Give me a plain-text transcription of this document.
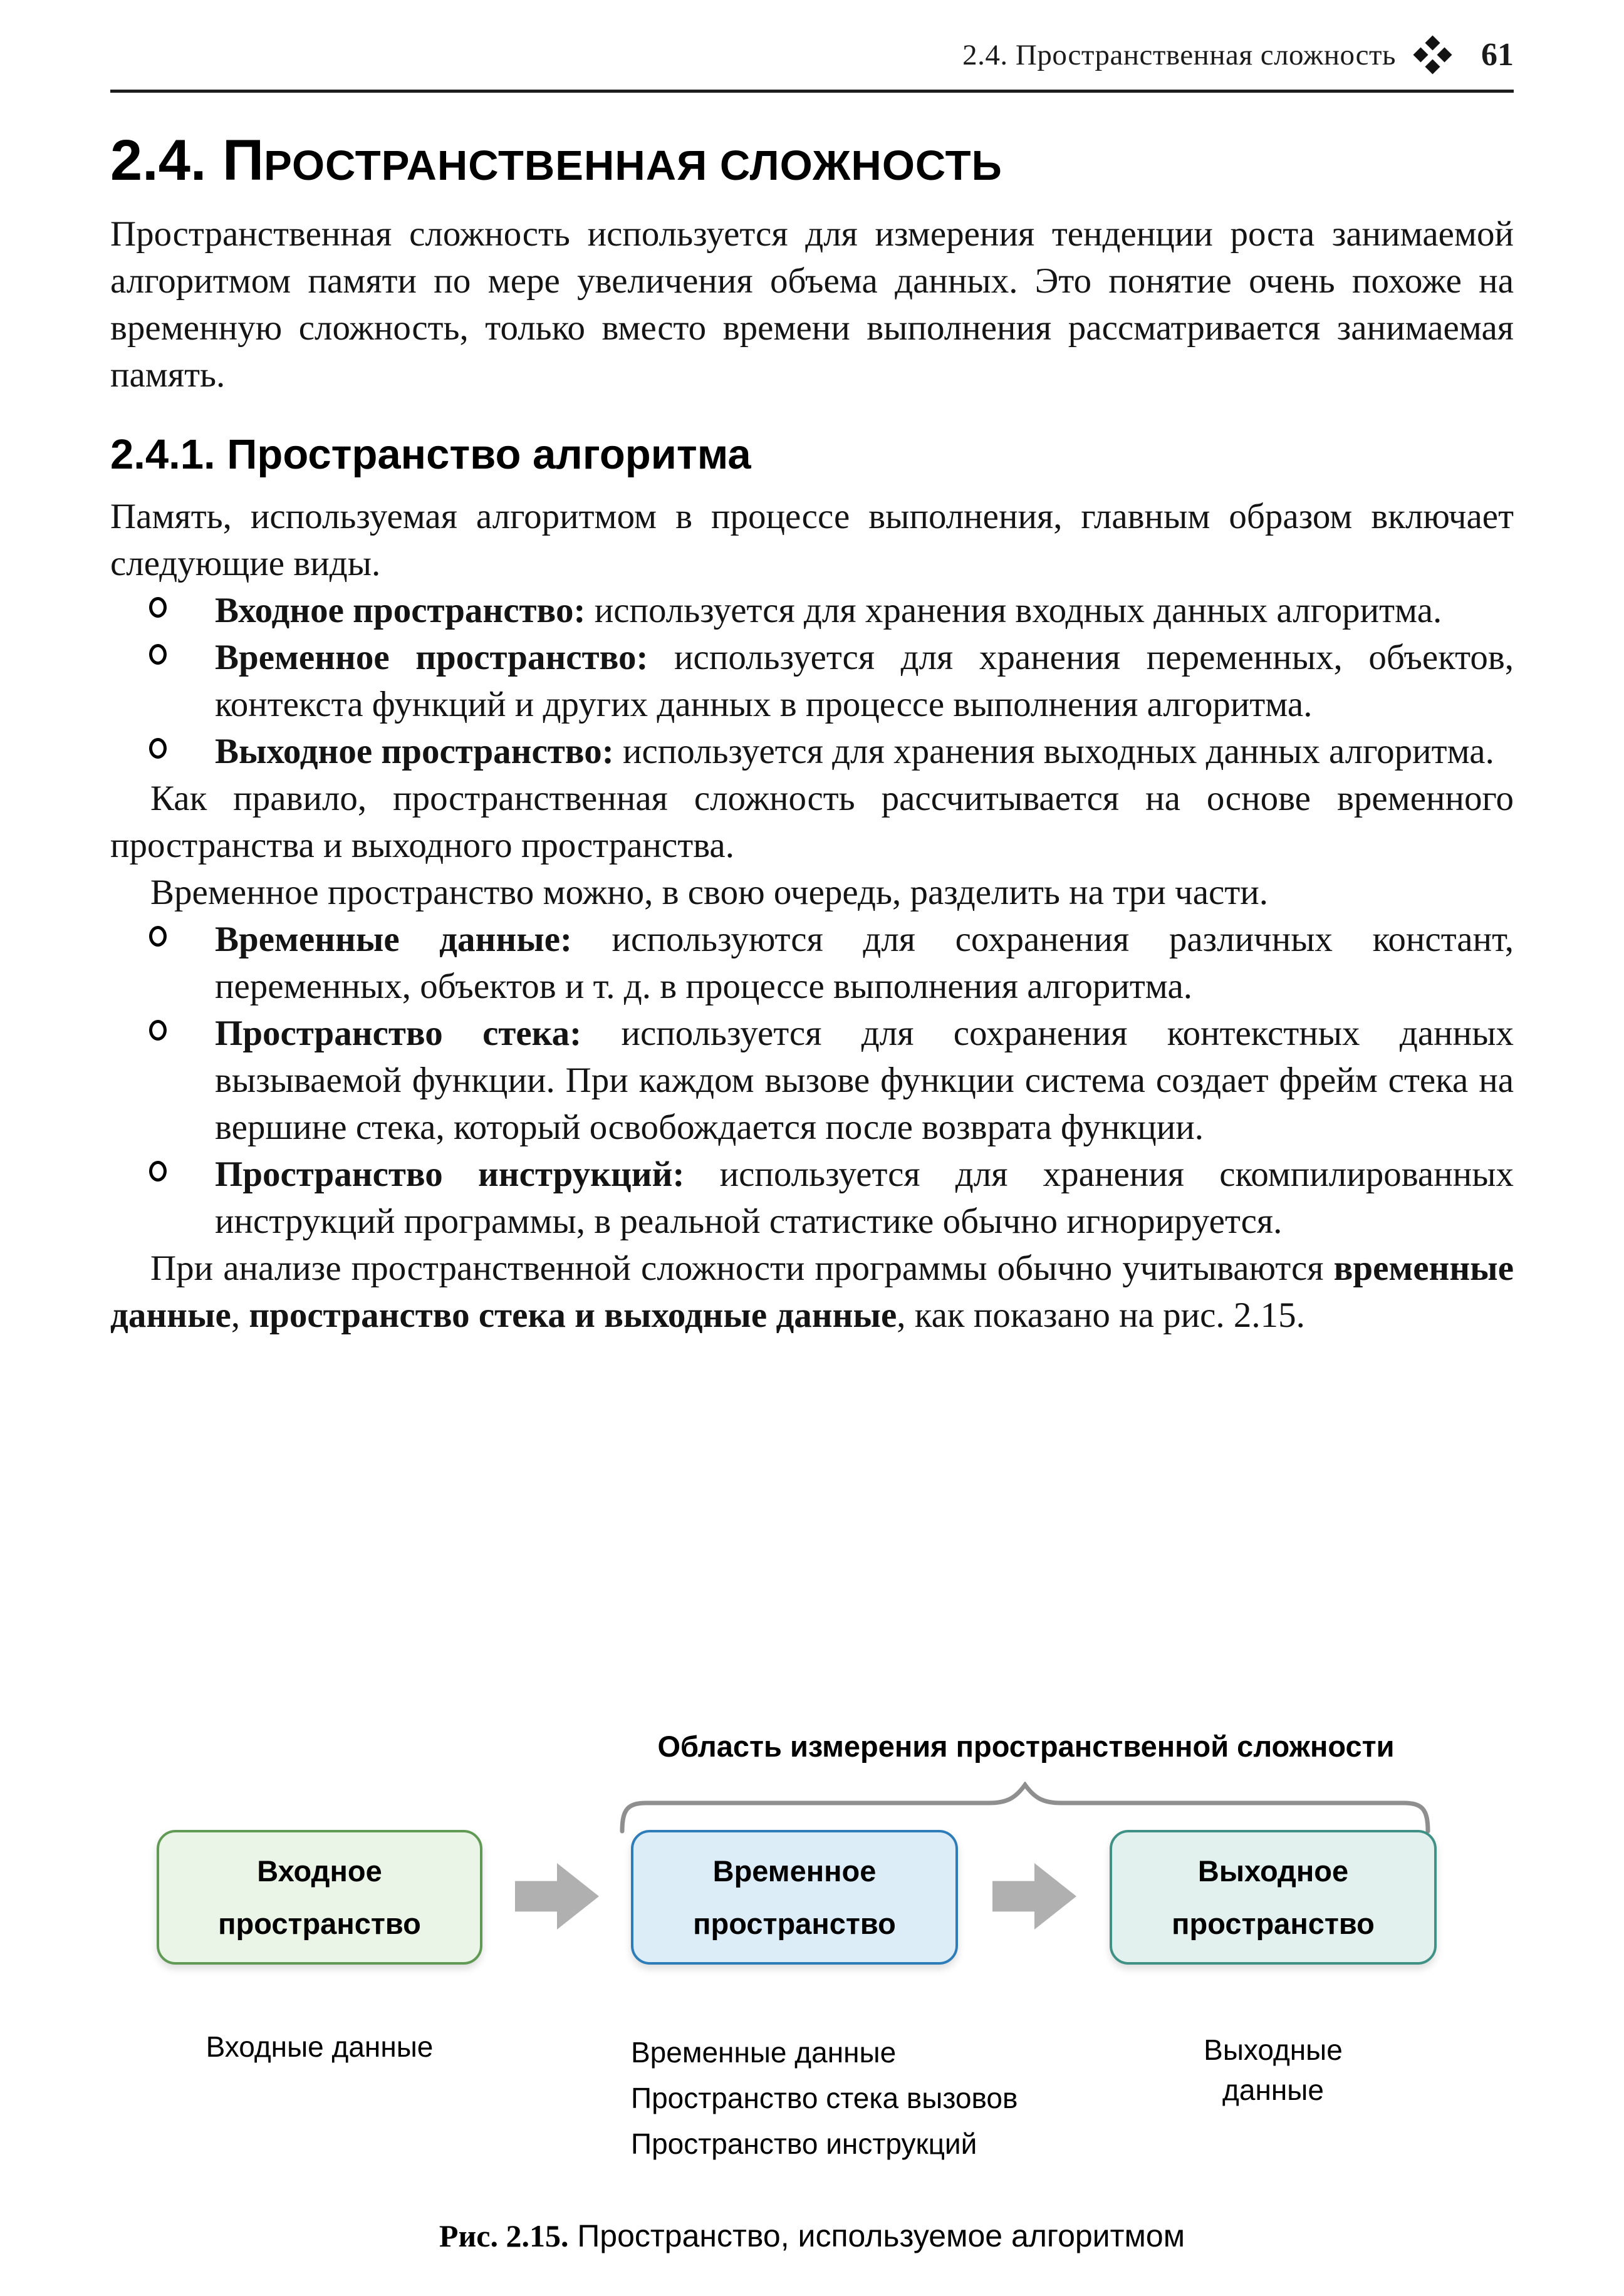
2.4. Пространственная сложность	61
2.4. ПРОСТРАНСТВЕННАЯ СЛОЖНОСТЬ

Пространственная сложность используется для измерения тенденции роста занимаемой алгоритмом памяти по мере увеличения объема данных. Это понятие очень похоже на временную сложность, только вместо времени выполнения рассматривается занимаемая память.

2.4.1. Пространство алгоритма

Память, используемая алгоритмом в процессе выполнения, главным образом включает следующие виды.

Входное пространство: используется для хранения входных данных алгоритма.
Временное пространство: используется для хранения переменных, объектов, контекста функций и других данных в процессе выполнения алгоритма.
Выходное пространство: используется для хранения выходных данных алгоритма.

Как правило, пространственная сложность рассчитывается на основе временного пространства и выходного пространства.

Временное пространство можно, в свою очередь, разделить на три части.

Временные данные: используются для сохранения различных констант, переменных, объектов и т. д. в процессе выполнения алгоритма.
Пространство стека: используется для сохранения контекстных данных вызываемой функции. При каждом вызове функции система создает фрейм стека на вершине стека, который освобождается после возврата функции.
Пространство инструкций: используется для хранения скомпилированных инструкций программы, в реальной статистике обычно игнорируется.

При анализе пространственной сложности программы обычно учитываются временные данные, пространство стека и выходные данные, как показано на рис. 2.15.

Область измерения пространственной сложности
Входное
пространство
Временное
пространство
Выходное
пространство
Входные данные	Временные данные
Пространство стека вызовов
Пространство инструкций
Выходные
данные
Рис. 2.15. Пространство, используемое алгоритмом
